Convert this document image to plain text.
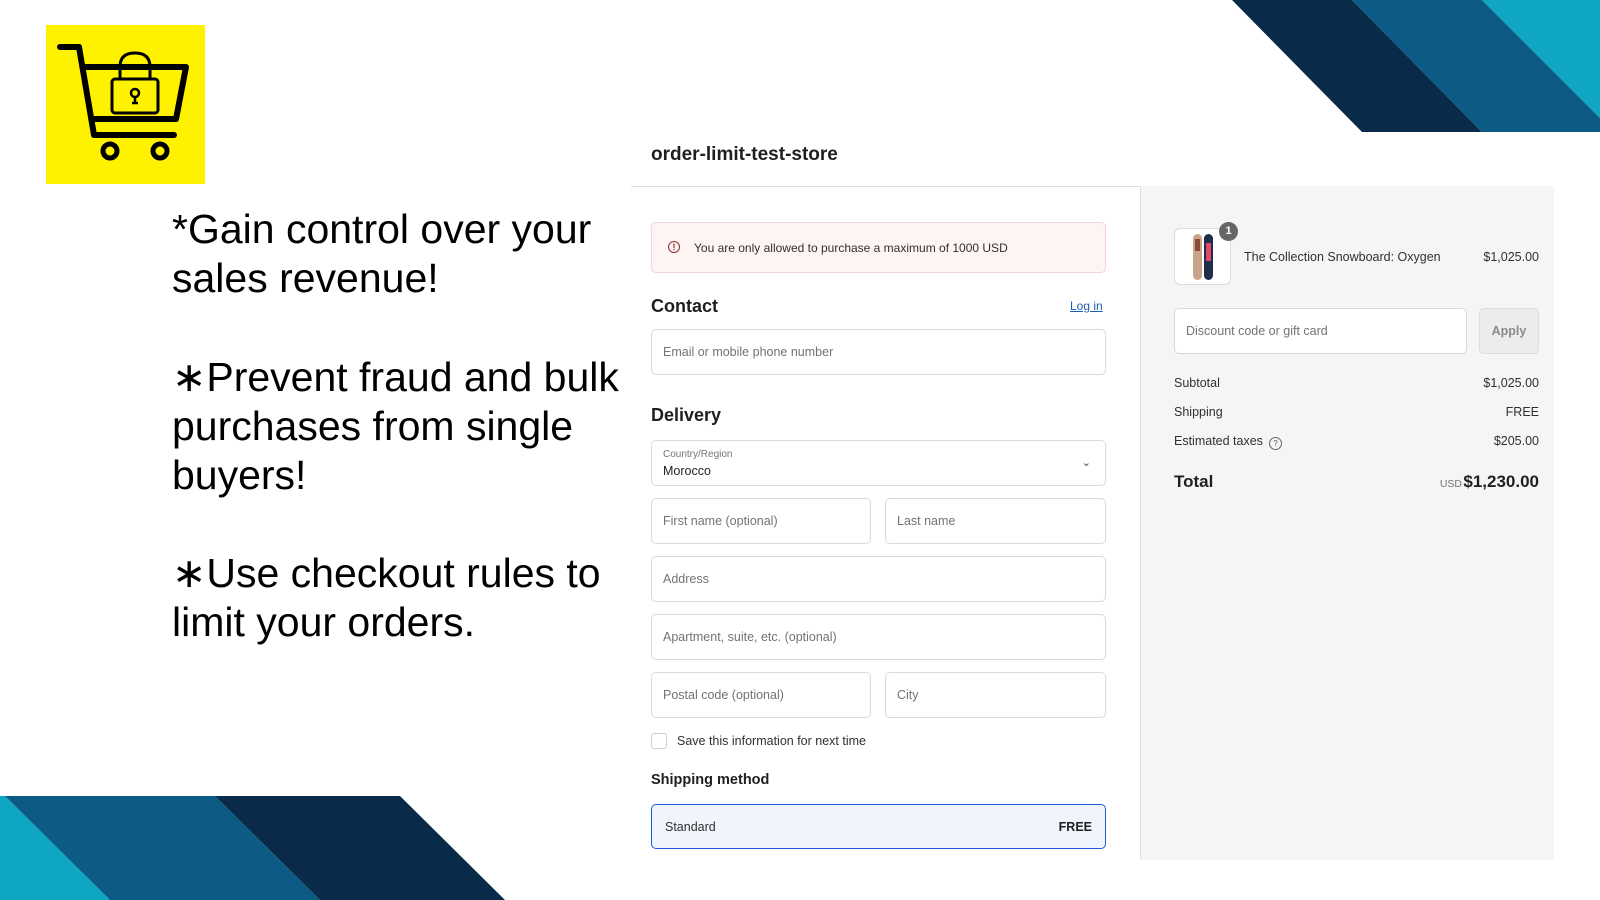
*Gain control over your sales revenue!
∗Prevent fraud and bulk purchases from single buyers!
∗Use checkout rules to limit your orders.
order-limit-test-store
!	You are only allowed to purchase a maximum of 1000 USD
Contact	Log in
Email or mobile phone number
Delivery
Country/Region
Morocco
⌄
First name (optional)	Last name
Address
Apartment, suite, etc. (optional)
Postal code (optional)	City
Save this information for next time
Shipping method
Standard	FREE
1
The Collection Snowboard: Oxygen	$1,025.00
Discount code or gift card	Apply
Subtotal	$1,025.00
Shipping	FREE
Estimated taxes ?	$205.00
Total	USD $1,230.00
